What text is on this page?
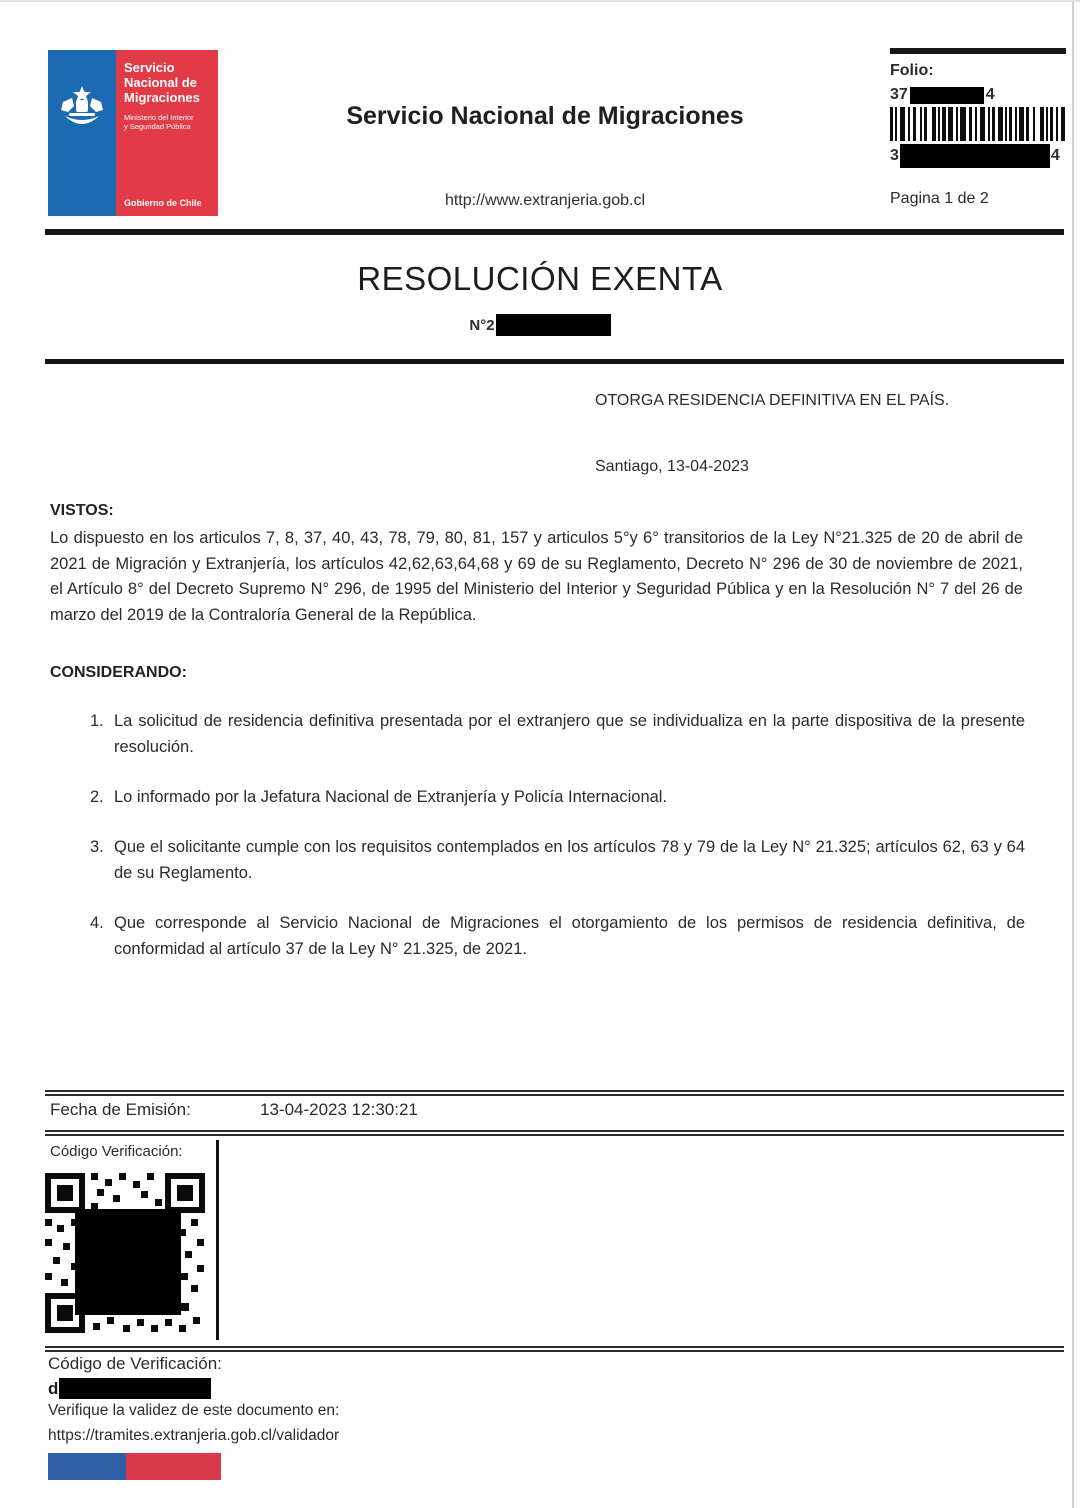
Servicio
Nacional de
Migraciones
Ministerio del Interior
y Seguridad Pública
Gobierno de Chile
Servicio Nacional de Migraciones
http://www.extranjeria.gob.cl
Folio:
37	4
3	4
Pagina 1 de 2
RESOLUCIÓN EXENTA
N°2
OTORGA RESIDENCIA DEFINITIVA EN EL PAÍS.
Santiago, 13-04-2023
VISTOS:
Lo dispuesto en los articulos 7, 8, 37, 40, 43, 78, 79, 80, 81, 157 y articulos 5°y 6° transitorios de la Ley N°21.325 de 20 de abril de 2021 de Migración y Extranjería, los artículos 42,62,63,64,68 y 69 de su Reglamento, Decreto N° 296 de 30 de noviembre de 2021, el Artículo 8° del Decreto Supremo N° 296, de 1995 del Ministerio del Interior y Seguridad Pública y en la Resolución N° 7 del 26 de marzo del 2019 de la Contraloría General de la República.
CONSIDERANDO:
1. La solicitud de residencia definitiva presentada por el extranjero que se individualiza en la parte dispositiva de la presente resolución.
2. Lo informado por la Jefatura Nacional de Extranjería y Policía Internacional.
3. Que el solicitante cumple con los requisitos contemplados en los artículos 78 y 79 de la Ley N° 21.325; artículos 62, 63 y 64 de su Reglamento.
4. Que corresponde al Servicio Nacional de Migraciones el otorgamiento de los permisos de residencia definitiva, de conformidad al artículo 37 de la Ley N° 21.325, de 2021.
Fecha de Emisión:	13-04-2023 12:30:21
Código Verificación:
Código de Verificación:
d
Verifique la validez de este documento en:
https://tramites.extranjeria.gob.cl/validador
